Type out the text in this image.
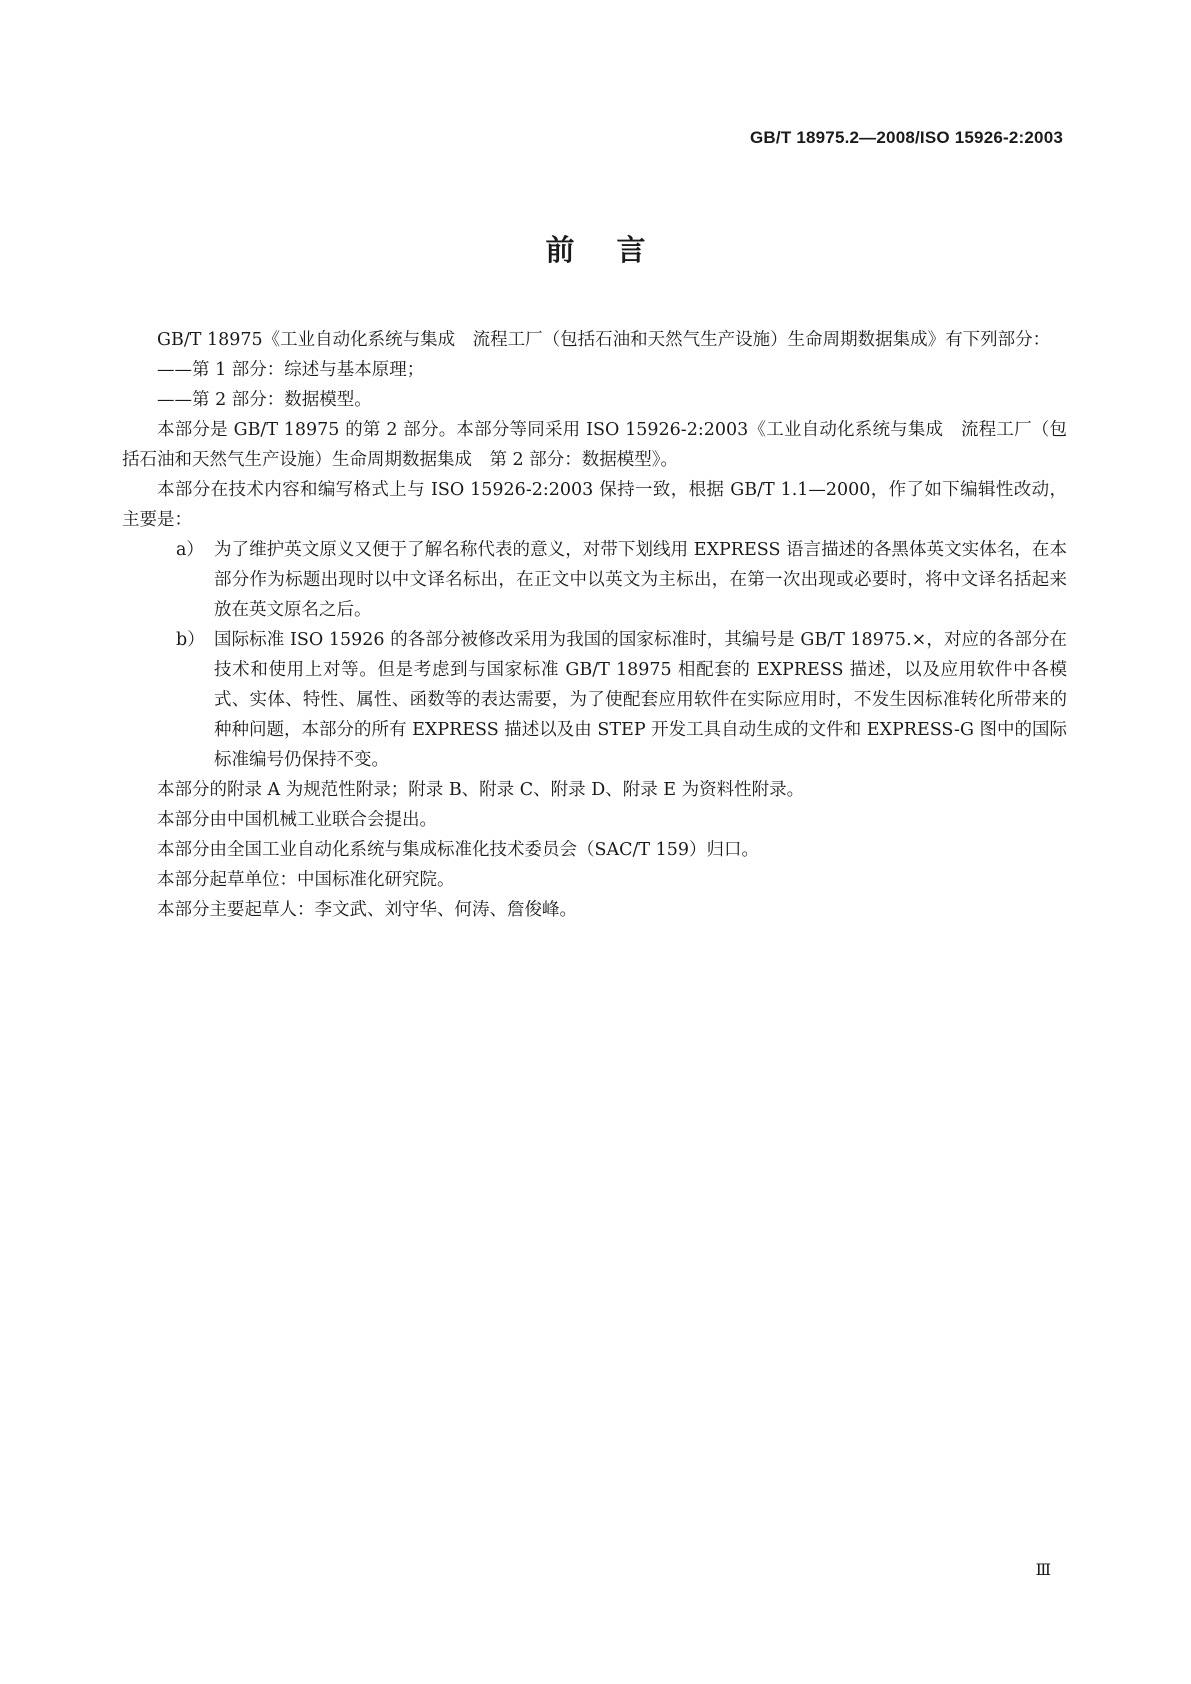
GB/T 18975.2—2008/ISO 15926-2:2003
前言

GB/T 18975《工业自动化系统与集成　流程工厂（包括石油和天然气生产设施）生命周期数据集成》有下列部分：

——第 1 部分：综述与基本原理；

——第 2 部分：数据模型。

本部分是 GB/T 18975 的第 2 部分。本部分等同采用 ISO 15926-2:2003《工业自动化系统与集成　流程工厂（包括石油和天然气生产设施）生命周期数据集成　第 2 部分：数据模型》。

本部分在技术内容和编写格式上与 ISO 15926-2:2003 保持一致，根据 GB/T 1.1—2000，作了如下编辑性改动，主要是：

a） 为了维护英文原义又便于了解名称代表的意义，对带下划线用 EXPRESS 语言描述的各黑体英文实体名，在本部分作为标题出现时以中文译名标出，在正文中以英文为主标出，在第一次出现或必要时，将中文译名括起来放在英文原名之后。
b） 国际标准 ISO 15926 的各部分被修改采用为我国的国家标准时，其编号是 GB/T 18975.×，对应的各部分在技术和使用上对等。但是考虑到与国家标准 GB/T 18975 相配套的 EXPRESS 描述，以及应用软件中各模式、实体、特性、属性、函数等的表达需要，为了使配套应用软件在实际应用时，不发生因标准转化所带来的种种问题，本部分的所有 EXPRESS 描述以及由 STEP 开发工具自动生成的文件和 EXPRESS-G 图中的国际标准编号仍保持不变。

本部分的附录 A 为规范性附录；附录 B、附录 C、附录 D、附录 E 为资料性附录。

本部分由中国机械工业联合会提出。

本部分由全国工业自动化系统与集成标准化技术委员会（SAC/T 159）归口。

本部分起草单位：中国标准化研究院。

本部分主要起草人：李文武、刘守华、何涛、詹俊峰。

Ⅲ
